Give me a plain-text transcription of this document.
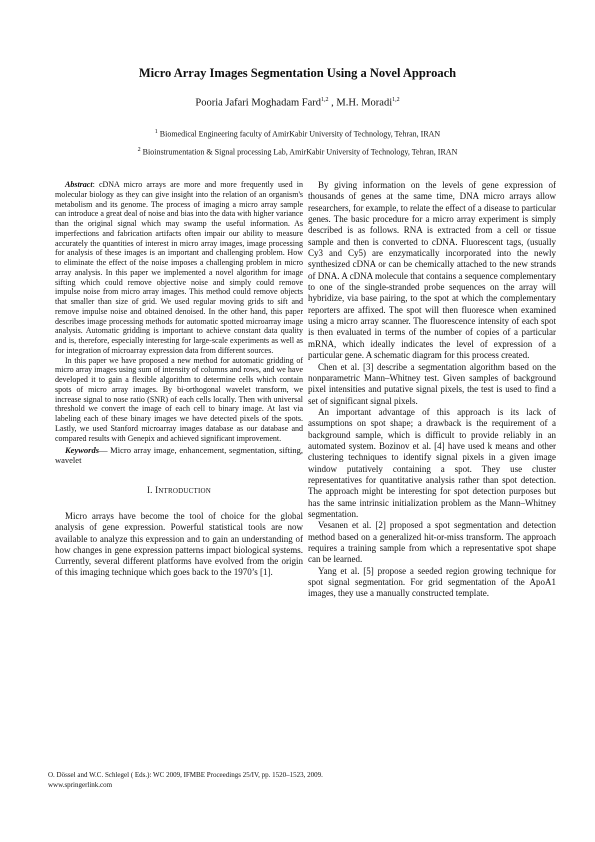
Micro Array Images Segmentation Using a Novel Approach
Pooria Jafari Moghadam Fard$^{1,2}$ , M.H. Moradi$^{1,2}$
$^1$ Biomedical Engineering faculty of AmirKabir University of Technology, Tehran, IRAN
$^2$ Bioinstrumentation & Signal processing Lab, AmirKabir University of Technology, Tehran, IRAN

Abstract: cDNA micro arrays are more and more frequently used in molecular biology as they can give insight into the relation of an organism's metabolism and its genome. The process of imaging a micro array sample can introduce a great deal of noise and bias into the data with higher variance than the original signal which may swamp the useful information. As imperfections and fabrication artifacts often impair our ability to measure accurately the quantities of interest in micro array images, image processing for analysis of these images is an important and challenging problem. How to eliminate the effect of the noise imposes a challenging problem in micro array analysis. In this paper we implemented a novel algorithm for image sifting which could remove objective noise and simply could remove impulse noise from micro array images. This method could remove objects that smaller than size of grid. We used regular moving grids to sift and remove impulse noise and obtained denoised. In the other hand, this paper describes image processing methods for automatic spotted microarray image analysis. Automatic gridding is important to achieve constant data quality and is, therefore, especially interesting for large-scale experiments as well as for integration of microarray expression data from different sources.

In this paper we have proposed a new method for automatic gridding of micro array images using sum of intensity of columns and rows, and we have developed it to gain a flexible algorithm to determine cells which contain spots of micro array images. By bi-orthogonal wavelet transform, we increase signal to nose ratio (SNR) of each cells locally. Then with universal threshold we convert the image of each cell to binary image. At last via labeling each of these binary images we have detected pixels of the spots. Lastly, we used Stanford microarray images database as our database and compared results with Genepix and achieved significant improvement.

Keywords— Micro array image, enhancement, segmentation, sifting, wavelet

I. INTRODUCTION

Micro arrays have become the tool of choice for the global analysis of gene expression. Powerful statistical tools are now available to analyze this expression and to gain an understanding of how changes in gene expression patterns impact biological systems. Currently, several different platforms have evolved from the origin of this imaging technique which goes back to the 1970’s [1].

By giving information on the levels of gene expression of thousands of genes at the same time, DNA micro arrays allow researchers, for example, to relate the effect of a disease to particular genes. The basic procedure for a micro array experiment is simply described is as follows. RNA is extracted from a cell or tissue sample and then is converted to cDNA. Fluorescent tags, (usually Cy3 and Cy5) are enzymatically incorporated into the newly synthesized cDNA or can be chemically attached to the new strands of DNA. A cDNA molecule that contains a sequence complementary to one of the single-stranded probe sequences on the array will hybridize, via base pairing, to the spot at which the complementary reporters are affixed. The spot will then fluoresce when examined using a micro array scanner. The fluorescence intensity of each spot is then evaluated in terms of the number of copies of a particular mRNA, which ideally indicates the level of expression of a particular gene. A schematic diagram for this process created.

Chen et al. [3] describe a segmentation algorithm based on the nonparametric Mann–Whitney test. Given samples of background pixel intensities and putative signal pixels, the test is used to find a set of significant signal pixels.

An important advantage of this approach is its lack of assumptions on spot shape; a drawback is the requirement of a background sample, which is difficult to provide reliably in an automated system. Bozinov et al. [4] have used k means and other clustering techniques to identify signal pixels in a given image window putatively containing a spot. They use cluster representatives for quantitative analysis rather than spot detection. The approach might be interesting for spot detection purposes but has the same intrinsic initialization problem as the Mann–Whitney segmentation.

Vesanen et al. [2] proposed a spot segmentation and detection method based on a generalized hit-or-miss transform. The approach requires a training sample from which a representative spot shape can be learned.

Yang et al. [5] propose a seeded region growing technique for spot signal segmentation. For grid segmentation of the ApoA1 images, they use a manually constructed template.

O. Dössel and W.C. Schlegel ( Eds.): WC 2009, IFMBE Proceedings 25/IV, pp. 1520–1523, 2009.
www.springerlink.com
